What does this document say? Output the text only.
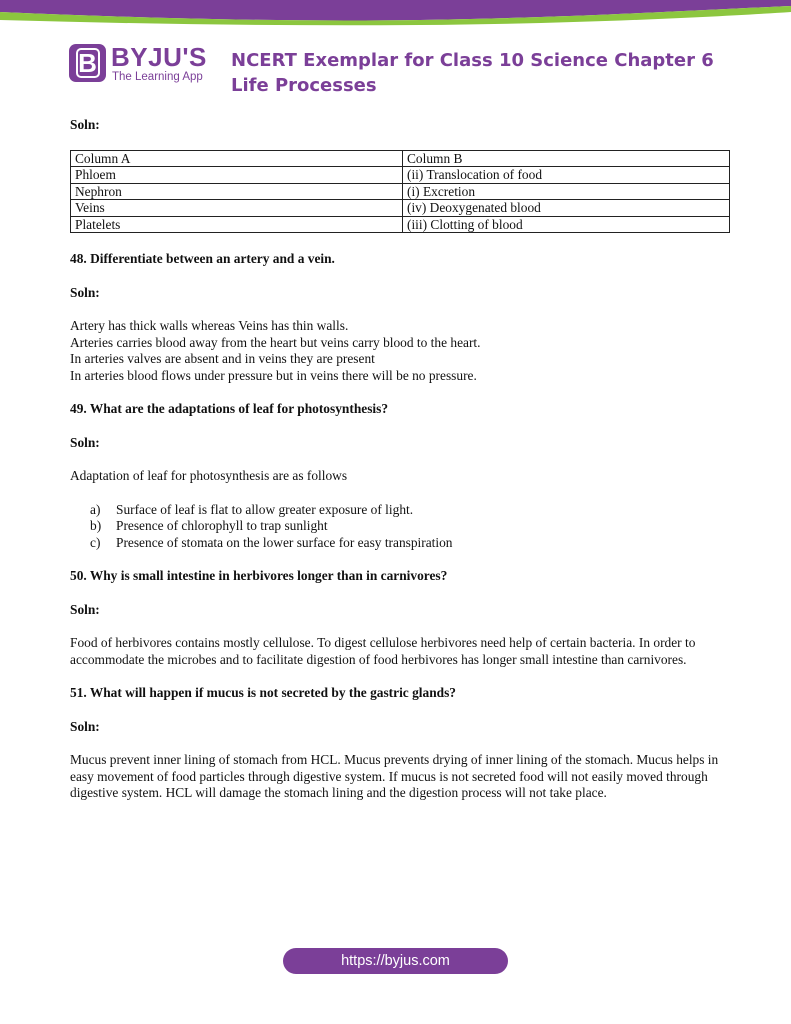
B BYJU'S
The Learning App
NCERT Exemplar for Class 10 Science Chapter 6 Life Processes

Soln:

Column A	Column B
Phloem	(ii) Translocation of food
Nephron	(i) Excretion
Veins	(iv) Deoxygenated blood
Platelets	(iii) Clotting of blood

48. Differentiate between an artery and a vein.

Soln:

Artery has thick walls whereas Veins has thin walls.

Arteries carries blood away from the heart but veins carry blood to the heart.

In arteries valves are absent and in veins they are present

In arteries blood flows under pressure but in veins there will be no pressure.

49. What are the adaptations of leaf for photosynthesis?

Soln:

Adaptation of leaf for photosynthesis are as follows

a) Surface of leaf is flat to allow greater exposure of light.
b) Presence of chlorophyll to trap sunlight
c) Presence of stomata on the lower surface for easy transpiration

50. Why is small intestine in herbivores longer than in carnivores?

Soln:

Food of herbivores contains mostly cellulose. To digest cellulose herbivores need help of certain bacteria. In order to accommodate the microbes and to facilitate digestion of food herbivores has longer small intestine than carnivores.

51. What will happen if mucus is not secreted by the gastric glands?

Soln:

Mucus prevent inner lining of stomach from HCL. Mucus prevents drying of inner lining of the stomach. Mucus helps in easy movement of food particles through digestive system. If mucus is not secreted food will not easily moved through digestive system. HCL will damage the stomach lining and the digestion process will not take place.

https://byjus.com
